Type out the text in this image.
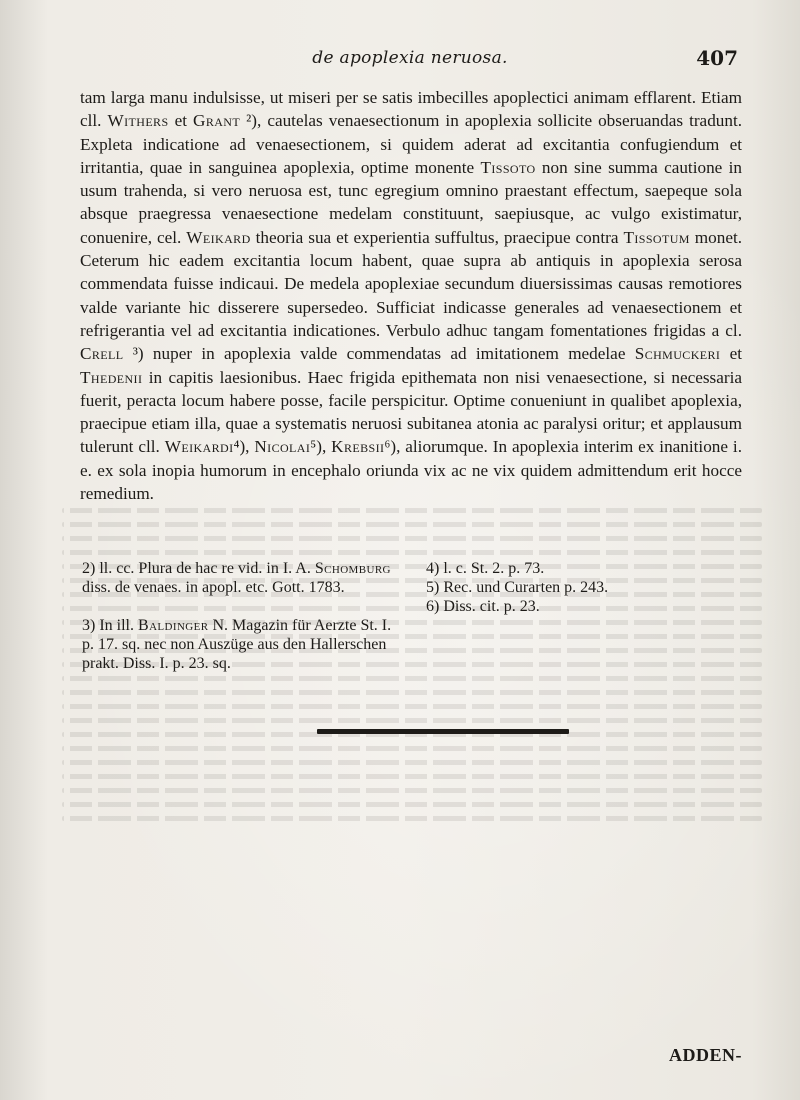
de apoplexia neruosa.	407
tam larga manu indulsisse, ut miseri per se satis imbecilles apoplectici animam efflarent. Etiam cll. Withers et Grant ²), cautelas venaesectionum in apoplexia sollicite obseruandas tradunt. Expleta indicatione ad venaesectionem, si quidem aderat ad excitantia confugiendum et irritantia, quae in sanguinea apoplexia, optime monente Tissoto non sine summa cautione in usum trahenda, si vero neruosa est, tunc egregium omnino praestant effectum, saepeque sola absque praegressa venaesectione medelam constituunt, saepiusque, ac vulgo existimatur, conuenire, cel. Weikard theoria sua et experientia suffultus, praecipue contra Tissotum monet. Ceterum hic eadem excitantia locum habent, quae supra ab antiquis in apoplexia serosa commendata fuisse indicaui. De medela apoplexiae secundum diuersissimas causas remotiores valde variante hic disserere supersedeo. Sufficiat indicasse generales ad venaesectionem et refrigerantia vel ad excitantia indicationes. Verbulo adhuc tangam fomentationes frigidas a cl. Crell ³) nuper in apoplexia valde commendatas ad imitationem medelae Schmuckeri et Thedenii in capitis laesionibus. Haec frigida epithemata non nisi venaesectione, si necessaria fuerit, peracta locum habere posse, facile perspicitur. Optime conueniunt in qualibet apoplexia, praecipue etiam illa, quae a systematis neruosi subitanea atonia ac paralysi oritur; et applausum tulerunt cll. Weikardi⁴), Nicolai⁵), Krebsii⁶), aliorumque. In apoplexia interim ex inanitione i. e. ex sola inopia humorum in encephalo oriunda vix ac ne vix quidem admittendum erit hocce remedium.

2) ll. cc. Plura de hac re vid. in I. A. Schomburg diss. de venaes. in apopl. etc. Gott. 1783.

3) In ill. Baldinger N. Magazin für Aerzte St. I. p. 17. sq. nec non Auszüge aus den Hallerschen prakt. Diss. I. p. 23. sq.

4) l. c. St. 2. p. 73.

5) Rec. und Curarten p. 243.

6) Diss. cit. p. 23.

ADDEN-
